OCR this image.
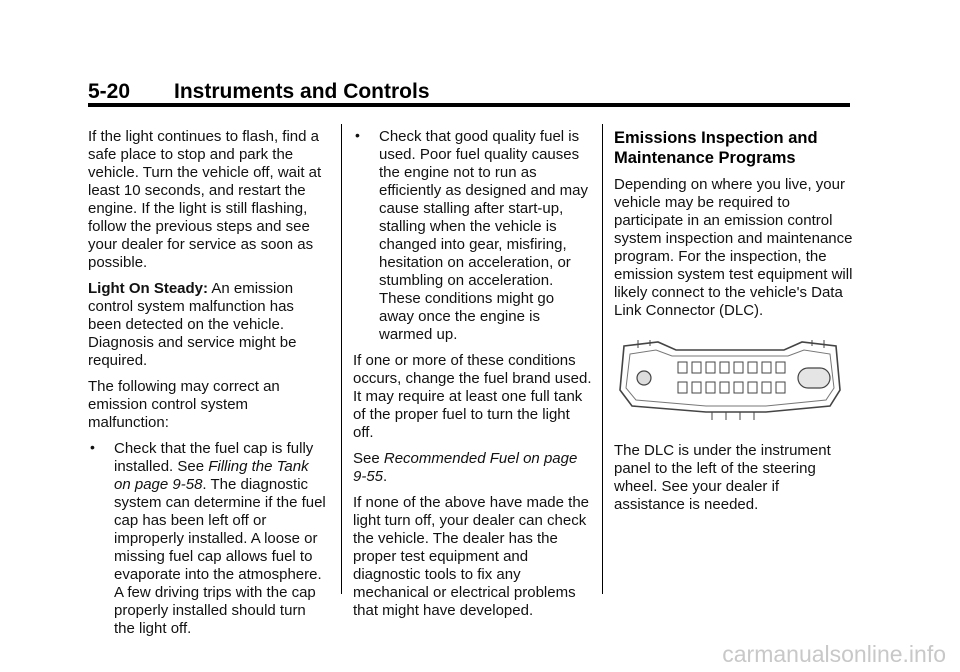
5-20 Instruments and Controls

If the light continues to flash, find a safe place to stop and park the vehicle. Turn the vehicle off, wait at least 10 seconds, and restart the engine. If the light is still flashing, follow the previous steps and see your dealer for service as soon as possible.

Light On Steady: An emission control system malfunction has been detected on the vehicle. Diagnosis and service might be required.

The following may correct an emission control system malfunction:

• Check that the fuel cap is fully installed. See Filling the Tank on page 9-58. The diagnostic system can determine if the fuel cap has been left off or improperly installed. A loose or missing fuel cap allows fuel to evaporate into the atmosphere. A few driving trips with the cap properly installed should turn the light off.
• Check that good quality fuel is used. Poor fuel quality causes the engine not to run as efficiently as designed and may cause stalling after start-up, stalling when the vehicle is changed into gear, misfiring, hesitation on acceleration, or stumbling on acceleration. These conditions might go away once the engine is warmed up.

If one or more of these conditions occurs, change the fuel brand used. It may require at least one full tank of the proper fuel to turn the light off.

See Recommended Fuel on page 9-55.

If none of the above have made the light turn off, your dealer can check the vehicle. The dealer has the proper test equipment and diagnostic tools to fix any mechanical or electrical problems that might have developed.

Emissions Inspection and Maintenance Programs

Depending on where you live, your vehicle may be required to participate in an emission control system inspection and maintenance program. For the inspection, the emission system test equipment will likely connect to the vehicle's Data Link Connector (DLC).

The DLC is under the instrument panel to the left of the steering wheel. See your dealer if assistance is needed.

carmanualsonline.info
